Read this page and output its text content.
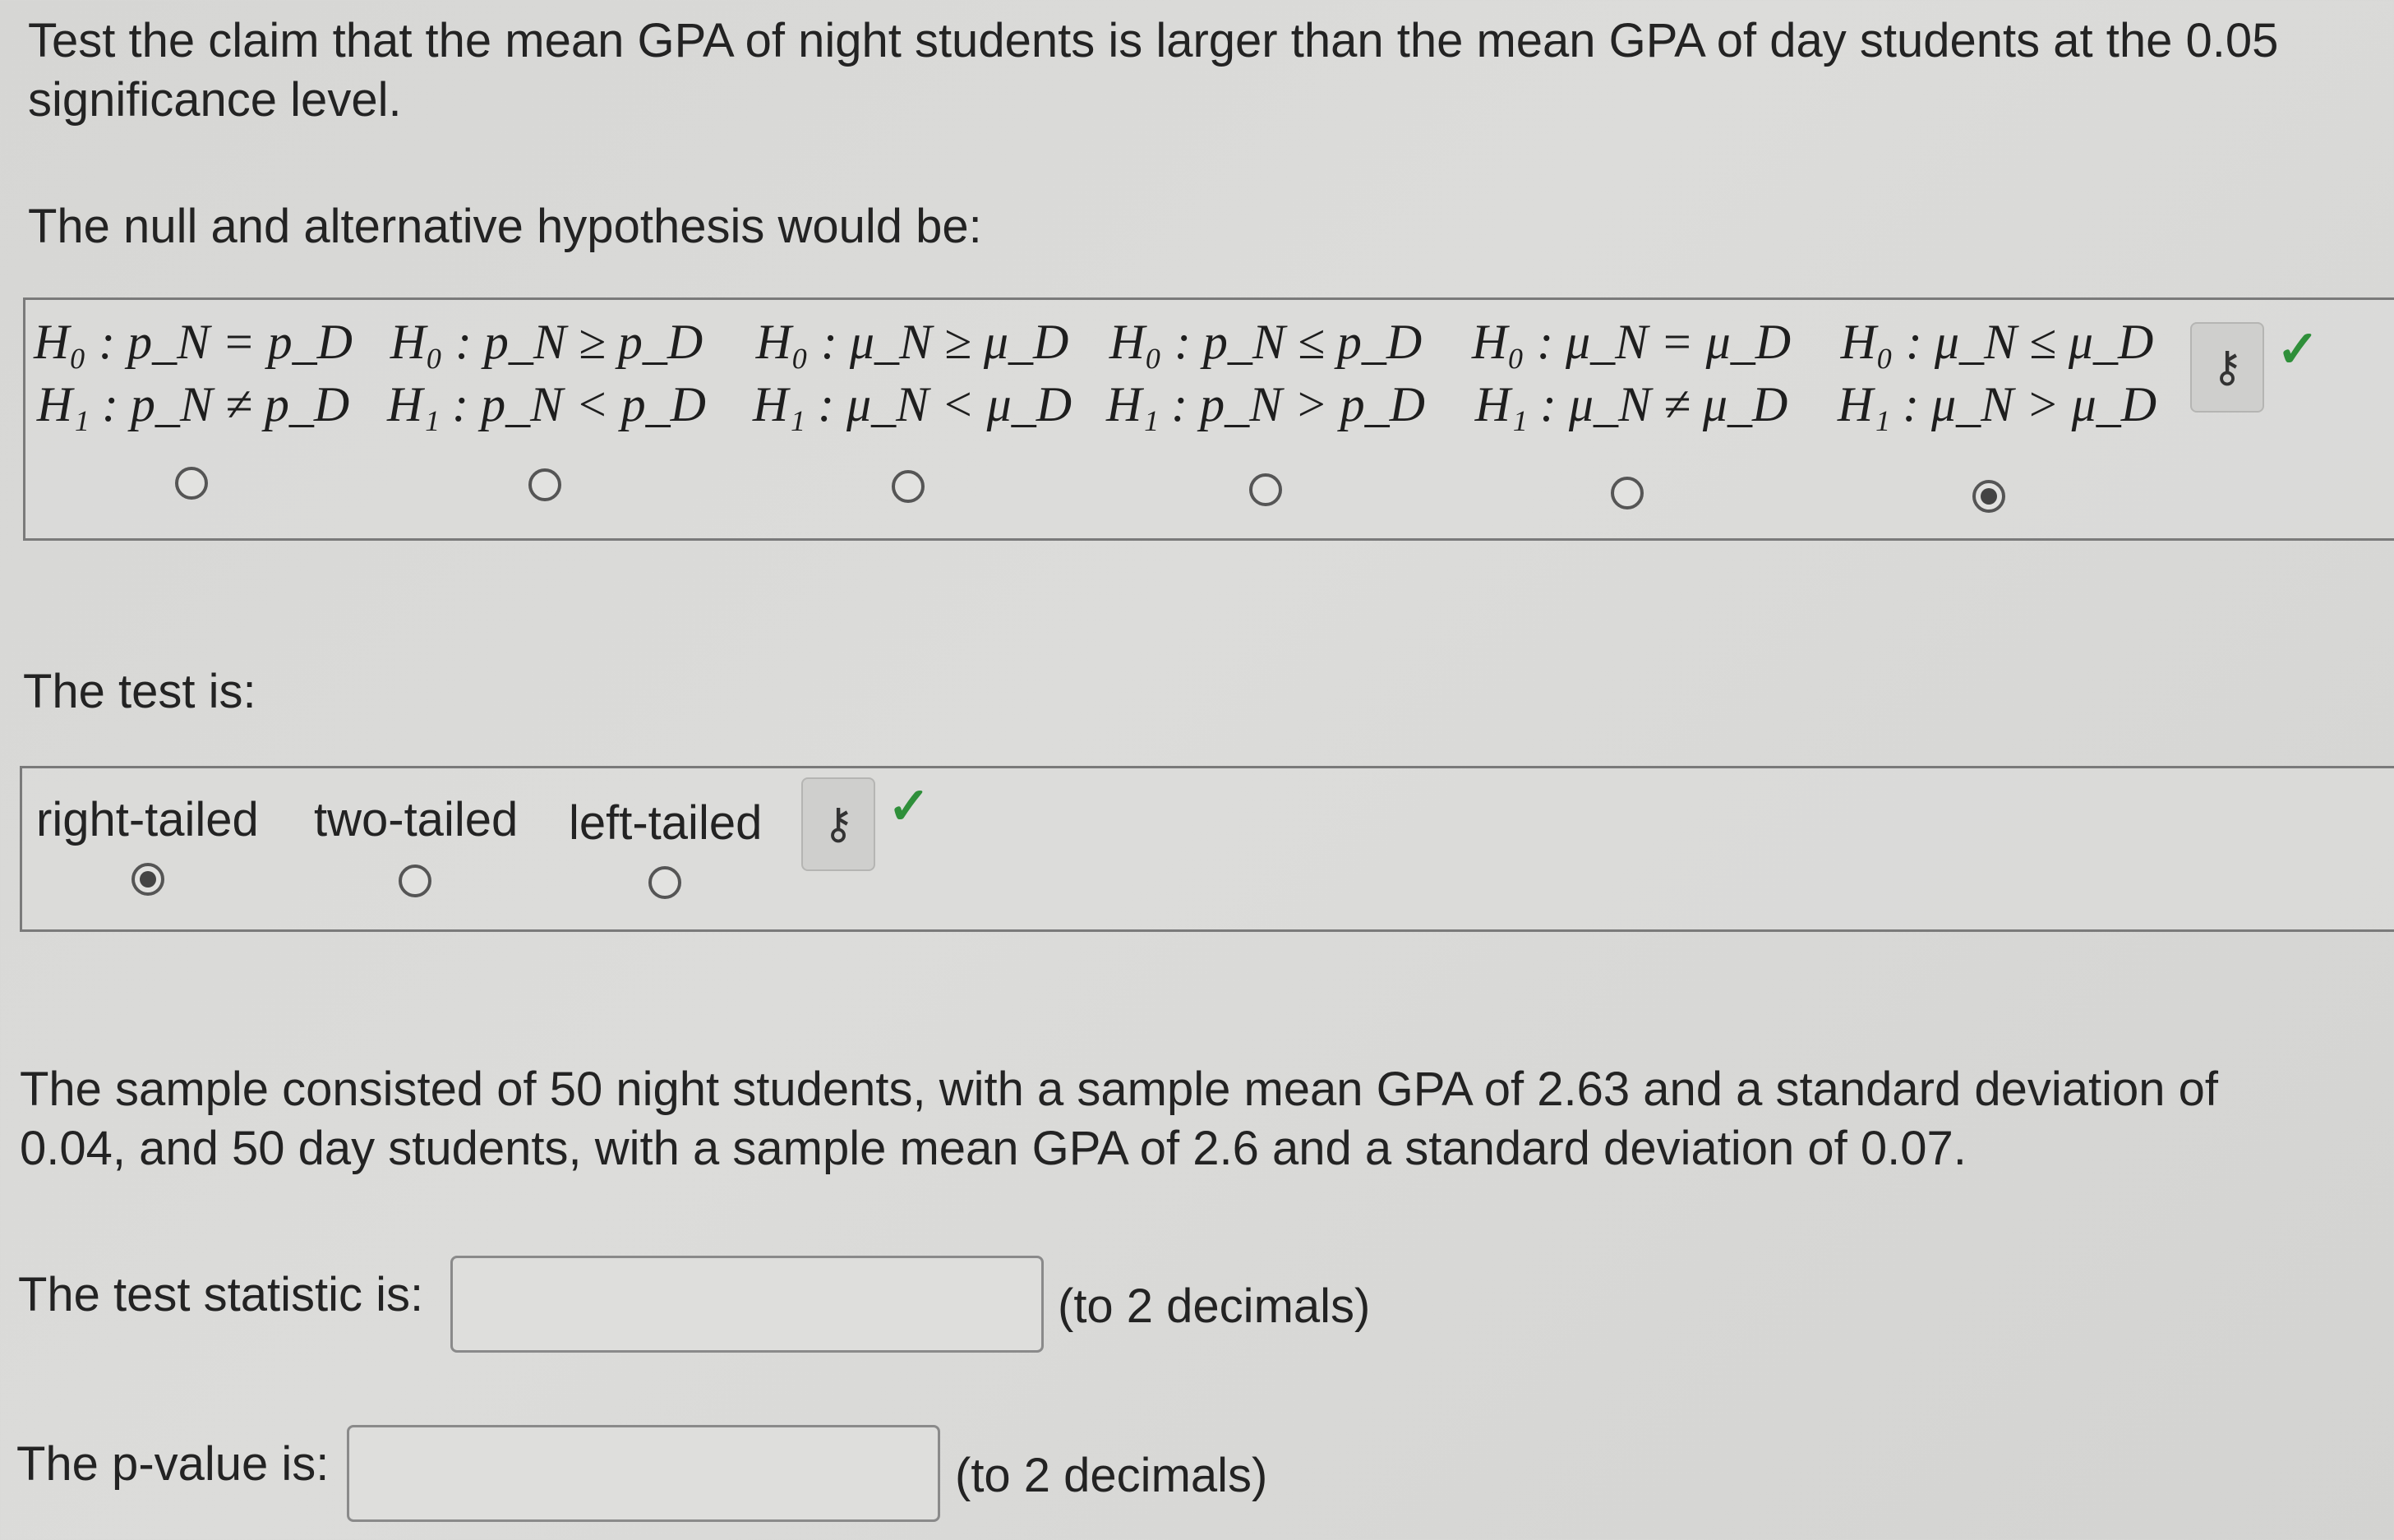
Test the claim that the mean GPA of night students is larger than the mean GPA of day students at the 0.05
significance level.
The null and alternative hypothesis would be:
H₀ : p_N = p_D
H₁ : p_N ≠ p_D
H₀ : p_N ≥ p_D
H₁ : p_N < p_D
H₀ : μ_N ≥ μ_D
H₁ : μ_N < μ_D
H₀ : p_N ≤ p_D
H₁ : p_N > p_D
H₀ : μ_N = μ_D
H₁ : μ_N ≠ μ_D
H₀ : μ_N ≤ μ_D
H₁ : μ_N > μ_D
⚷ ✓
The test is:
right-tailed two-tailed left-tailed ⚷ ✓
The sample consisted of 50 night students, with a sample mean GPA of 2.63 and a standard deviation of
0.04, and 50 day students, with a sample mean GPA of 2.6 and a standard deviation of 0.07.
The test statistic is:	(to 2 decimals)
The p-value is:	(to 2 decimals)
